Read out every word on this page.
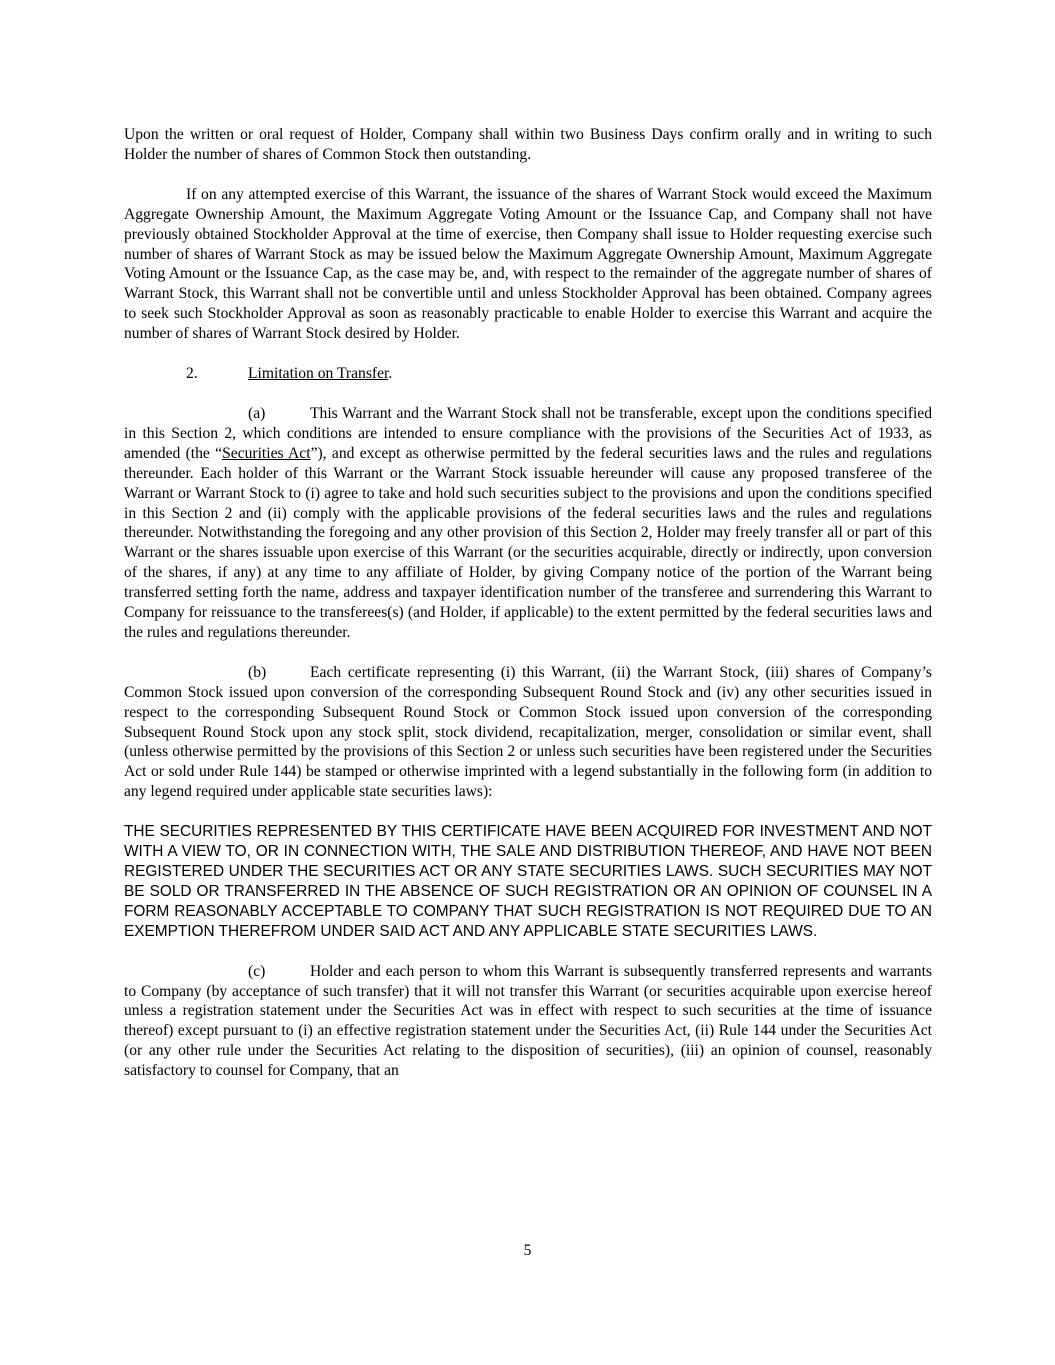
Upon the written or oral request of Holder, Company shall within two Business Days confirm orally and in writing to such Holder the number of shares of Common Stock then outstanding.

If on any attempted exercise of this Warrant, the issuance of the shares of Warrant Stock would exceed the Maximum Aggregate Ownership Amount, the Maximum Aggregate Voting Amount or the Issuance Cap, and Company shall not have previously obtained Stockholder Approval at the time of exercise, then Company shall issue to Holder requesting exercise such number of shares of Warrant Stock as may be issued below the Maximum Aggregate Ownership Amount, Maximum Aggregate Voting Amount or the Issuance Cap, as the case may be, and, with respect to the remainder of the aggregate number of shares of Warrant Stock, this Warrant shall not be convertible until and unless Stockholder Approval has been obtained. Company agrees to seek such Stockholder Approval as soon as reasonably practicable to enable Holder to exercise this Warrant and acquire the number of shares of Warrant Stock desired by Holder.

2.	Limitation on Transfer.

(a)	This Warrant and the Warrant Stock shall not be transferable, except upon the conditions specified in this Section 2, which conditions are intended to ensure compliance with the provisions of the Securities Act of 1933, as amended (the “Securities Act”), and except as otherwise permitted by the federal securities laws and the rules and regulations thereunder. Each holder of this Warrant or the Warrant Stock issuable hereunder will cause any proposed transferee of the Warrant or Warrant Stock to (i) agree to take and hold such securities subject to the provisions and upon the conditions specified in this Section 2 and (ii) comply with the applicable provisions of the federal securities laws and the rules and regulations thereunder. Notwithstanding the foregoing and any other provision of this Section 2, Holder may freely transfer all or part of this Warrant or the shares issuable upon exercise of this Warrant (or the securities acquirable, directly or indirectly, upon conversion of the shares, if any) at any time to any affiliate of Holder, by giving Company notice of the portion of the Warrant being transferred setting forth the name, address and taxpayer identification number of the transferee and surrendering this Warrant to Company for reissuance to the transferees(s) (and Holder, if applicable) to the extent permitted by the federal securities laws and the rules and regulations thereunder.

(b)	Each certificate representing (i) this Warrant, (ii) the Warrant Stock, (iii) shares of Company’s Common Stock issued upon conversion of the corresponding Subsequent Round Stock and (iv) any other securities issued in respect to the corresponding Subsequent Round Stock or Common Stock issued upon conversion of the corresponding Subsequent Round Stock upon any stock split, stock dividend, recapitalization, merger, consolidation or similar event, shall (unless otherwise permitted by the provisions of this Section 2 or unless such securities have been registered under the Securities Act or sold under Rule 144) be stamped or otherwise imprinted with a legend substantially in the following form (in addition to any legend required under applicable state securities laws):

THE SECURITIES REPRESENTED BY THIS CERTIFICATE HAVE BEEN ACQUIRED FOR INVESTMENT AND NOT WITH A VIEW TO, OR IN CONNECTION WITH, THE SALE AND DISTRIBUTION THEREOF, AND HAVE NOT BEEN REGISTERED UNDER THE SECURITIES ACT OR ANY STATE SECURITIES LAWS. SUCH SECURITIES MAY NOT BE SOLD OR TRANSFERRED IN THE ABSENCE OF SUCH REGISTRATION OR AN OPINION OF COUNSEL IN A FORM REASONABLY ACCEPTABLE TO COMPANY THAT SUCH REGISTRATION IS NOT REQUIRED DUE TO AN EXEMPTION THEREFROM UNDER SAID ACT AND ANY APPLICABLE STATE SECURITIES LAWS.

(c)	Holder and each person to whom this Warrant is subsequently transferred represents and warrants to Company (by acceptance of such transfer) that it will not transfer this Warrant (or securities acquirable upon exercise hereof unless a registration statement under the Securities Act was in effect with respect to such securities at the time of issuance thereof) except pursuant to (i) an effective registration statement under the Securities Act, (ii) Rule 144 under the Securities Act (or any other rule under the Securities Act relating to the disposition of securities), (iii) an opinion of counsel, reasonably satisfactory to counsel for Company, that an

5
